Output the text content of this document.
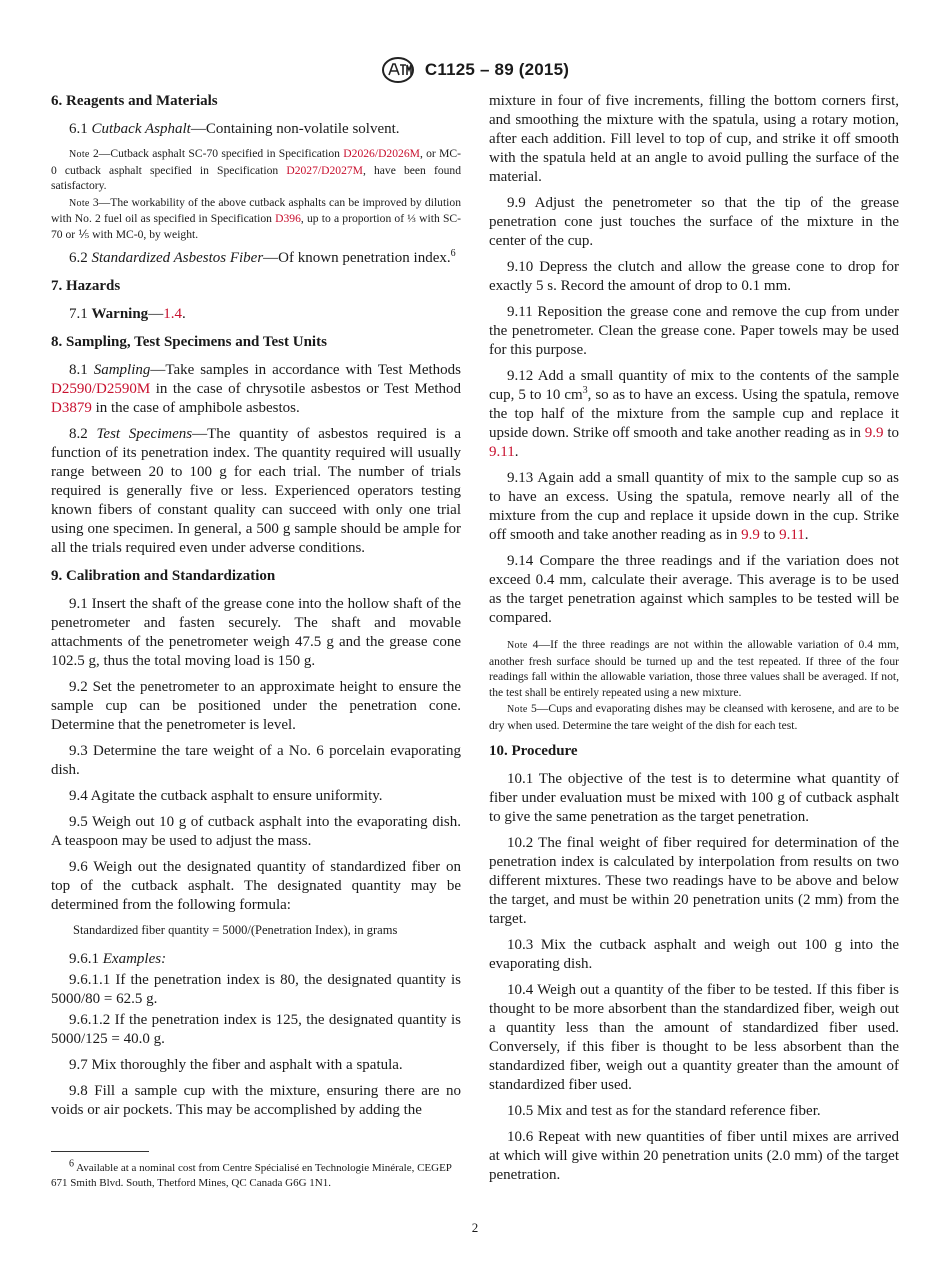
C1125 – 89 (2015)
6. Reagents and Materials

6.1 Cutback Asphalt—Containing non-volatile solvent.

Note 2—Cutback asphalt SC-70 specified in Specification D2026/D2026M, or MC-0 cutback asphalt specified in Specification D2027/D2027M, have been found satisfactory.
Note 3—The workability of the above cutback asphalts can be improved by dilution with No. 2 fuel oil as specified in Specification D396, up to a proportion of ⅓ with SC-70 or ⅕ with MC-0, by weight.

6.2 Standardized Asbestos Fiber—Of known penetration index.$^6$

7. Hazards

7.1 Warning—1.4.

8. Sampling, Test Specimens and Test Units

8.1 Sampling—Take samples in accordance with Test Methods D2590/D2590M in the case of chrysotile asbestos or Test Method D3879 in the case of amphibole asbestos.

8.2 Test Specimens—The quantity of asbestos required is a function of its penetration index. The quantity required will usually range between 20 to 100 g for each trial. The number of trials required is generally five or less. Experienced operators testing known fibers of constant quality can succeed with only one trial using one specimen. In general, a 500 g sample should be ample for all the trials required even under adverse conditions.

9. Calibration and Standardization

9.1 Insert the shaft of the grease cone into the hollow shaft of the penetrometer and fasten securely. The shaft and movable attachments of the penetrometer weigh 47.5 g and the grease cone 102.5 g, thus the total moving load is 150 g.

9.2 Set the penetrometer to an approximate height to ensure the sample cup can be positioned under the penetration cone. Determine that the penetrometer is level.

9.3 Determine the tare weight of a No. 6 porcelain evaporating dish.

9.4 Agitate the cutback asphalt to ensure uniformity.

9.5 Weigh out 10 g of cutback asphalt into the evaporating dish. A teaspoon may be used to adjust the mass.

9.6 Weigh out the designated quantity of standardized fiber on top of the cutback asphalt. The designated quantity may be determined from the following formula:

Standardized fiber quantity = 5000/(Penetration Index), in grams

9.6.1 Examples:

9.6.1.1 If the penetration index is 80, the designated quantity is 5000/80 = 62.5 g.

9.6.1.2 If the penetration index is 125, the designated quantity is 5000/125 = 40.0 g.

9.7 Mix thoroughly the fiber and asphalt with a spatula.

9.8 Fill a sample cup with the mixture, ensuring there are no voids or air pockets. This may be accomplished by adding the

$^6$ Available at a nominal cost from Centre Spécialisé en Technologie Minérale, CEGEP 671 Smith Blvd. South, Thetford Mines, QC Canada G6G 1N1.

mixture in four of five increments, filling the bottom corners first, and smoothing the mixture with the spatula, using a rotary motion, after each addition. Fill level to top of cup, and strike it off smooth with the spatula held at an angle to avoid pulling the surface of the material.

9.9 Adjust the penetrometer so that the tip of the grease penetration cone just touches the surface of the mixture in the center of the cup.

9.10 Depress the clutch and allow the grease cone to drop for exactly 5 s. Record the amount of drop to 0.1 mm.

9.11 Reposition the grease cone and remove the cup from under the penetrometer. Clean the grease cone. Paper towels may be used for this purpose.

9.12 Add a small quantity of mix to the contents of the sample cup, 5 to 10 $cm^3$, so as to have an excess. Using the spatula, remove the top half of the mixture from the sample cup and replace it upside down. Strike off smooth and take another reading as in 9.9 to 9.11.

9.13 Again add a small quantity of mix to the sample cup so as to have an excess. Using the spatula, remove nearly all of the mixture from the cup and replace it upside down in the cup. Strike off smooth and take another reading as in 9.9 to 9.11.

9.14 Compare the three readings and if the variation does not exceed 0.4 mm, calculate their average. This average is to be used as the target penetration against which samples to be tested will be compared.

Note 4—If the three readings are not within the allowable variation of 0.4 mm, another fresh surface should be turned up and the test repeated. If three of the four readings fall within the allowable variation, those three values shall be averaged. If not, the test shall be entirely repeated using a new mixture.
Note 5—Cups and evaporating dishes may be cleansed with kerosene, and are to be dry when used. Determine the tare weight of the dish for each test.
10. Procedure

10.1 The objective of the test is to determine what quantity of fiber under evaluation must be mixed with 100 g of cutback asphalt to give the same penetration as the target penetration.

10.2 The final weight of fiber required for determination of the penetration index is calculated by interpolation from results on two different mixtures. These two readings have to be above and below the target, and must be within 20 penetration units (2 mm) from the target.

10.3 Mix the cutback asphalt and weigh out 100 g into the evaporating dish.

10.4 Weigh out a quantity of the fiber to be tested. If this fiber is thought to be more absorbent than the standardized fiber, weigh out a quantity less than the amount of standardized fiber used. Conversely, if this fiber is thought to be less absorbent than the standardized fiber, weigh out a quantity greater than the amount of standardized fiber used.

10.5 Mix and test as for the standard reference fiber.

10.6 Repeat with new quantities of fiber until mixes are arrived at which will give within 20 penetration units (2.0 mm) of the target penetration.

2
